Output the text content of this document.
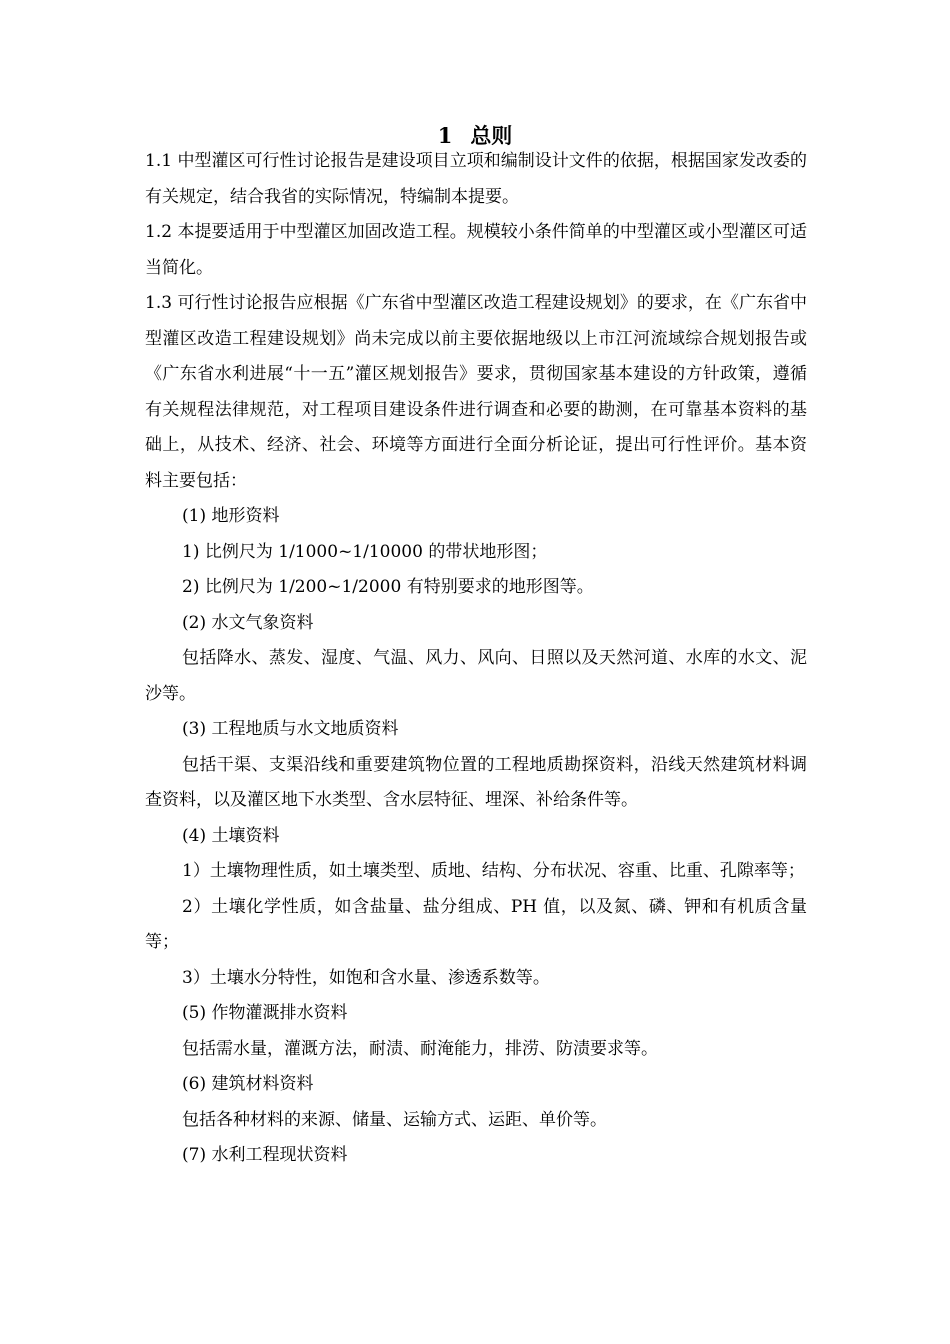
1 总则

1.1 中型灌区可行性讨论报告是建设项目立项和编制设计文件的依据，根据国家发改委的有关规定，结合我省的实际情况，特编制本提要。

1.2 本提要适用于中型灌区加固改造工程。规模较小条件简单的中型灌区或小型灌区可适当简化。

1.3 可行性讨论报告应根据《广东省中型灌区改造工程建设规划》的要求，在《广东省中型灌区改造工程建设规划》尚未完成以前主要依据地级以上市江河流域综合规划报告或《广东省水利进展“十一五”灌区规划报告》要求，贯彻国家基本建设的方针政策，遵循有关规程法律规范，对工程项目建设条件进行调查和必要的勘测，在可靠基本资料的基础上，从技术、经济、社会、环境等方面进行全面分析论证，提出可行性评价。基本资料主要包括：

(1) 地形资料

1) 比例尺为 1/1000~1/10000 的带状地形图；

2) 比例尺为 1/200~1/2000 有特别要求的地形图等。

(2) 水文气象资料

包括降水、蒸发、湿度、气温、风力、风向、日照以及天然河道、水库的水文、泥沙等。

(3) 工程地质与水文地质资料

包括干渠、支渠沿线和重要建筑物位置的工程地质勘探资料，沿线天然建筑材料调查资料，以及灌区地下水类型、含水层特征、埋深、补给条件等。

(4) 土壤资料

1）土壤物理性质，如土壤类型、质地、结构、分布状况、容重、比重、孔隙率等；

2）土壤化学性质，如含盐量、盐分组成、PH 值，以及氮、磷、钾和有机质含量等；

3）土壤水分特性，如饱和含水量、渗透系数等。

(5) 作物灌溉排水资料

包括需水量，灌溉方法，耐渍、耐淹能力，排涝、防渍要求等。

(6) 建筑材料资料

包括各种材料的来源、储量、运输方式、运距、单价等。

(7) 水利工程现状资料
